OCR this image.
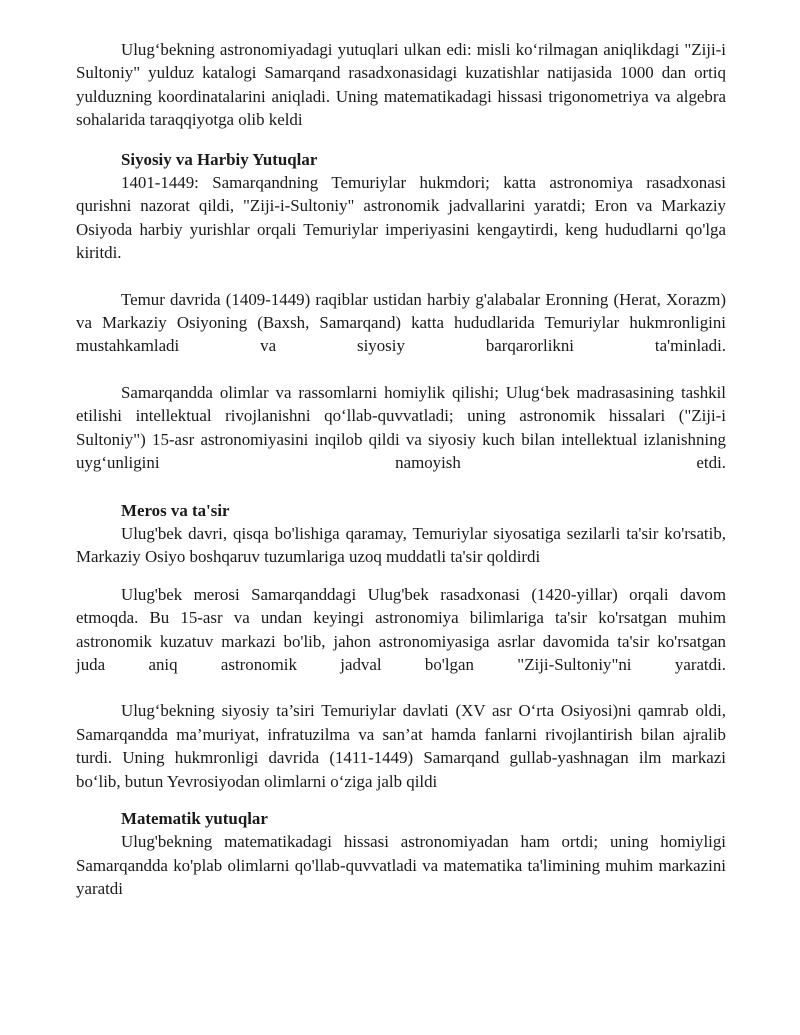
Ulug‘bekning astronomiyadagi yutuqlari ulkan edi: misli ko‘rilmagan aniqlikdagi "Ziji-i Sultoniy" yulduz katalogi Samarqand rasadxonasidagi kuzatishlar natijasida 1000 dan ortiq yulduzning koordinatalarini aniqladi. Uning matematikadagi hissasi trigonometriya va algebra sohalarida taraqqiyotga olib keldi

Siyosiy va Harbiy Yutuqlar

1401-1449: Samarqandning Temuriylar hukmdori; katta astronomiya rasadxonasi qurishni nazorat qildi, "Ziji-i-Sultoniy" astronomik jadvallarini yaratdi; Eron va Markaziy Osiyoda harbiy yurishlar orqali Temuriylar imperiyasini kengaytirdi, keng hududlarni qo'lga kiritdi.

Temur davrida (1409-1449) raqiblar ustidan harbiy g'alabalar Eronning (Herat, Xorazm) va Markaziy Osiyoning (Baxsh, Samarqand) katta hududlarida Temuriylar hukmronligini mustahkamladi va siyosiy barqarorlikni ta'minladi.

Samarqandda olimlar va rassomlarni homiylik qilishi; Ulug‘bek madrasasining tashkil etilishi intellektual rivojlanishni qo‘llab-quvvatladi; uning astronomik hissalari ("Ziji-i Sultoniy") 15-asr astronomiyasini inqilob qildi va siyosiy kuch bilan intellektual izlanishning uyg‘unligini namoyish etdi.

Meros va ta'sir

Ulug'bek davri, qisqa bo'lishiga qaramay, Temuriylar siyosatiga sezilarli ta'sir ko'rsatib, Markaziy Osiyo boshqaruv tuzumlariga uzoq muddatli ta'sir qoldirdi

Ulug'bek merosi Samarqanddagi Ulug'bek rasadxonasi (1420-yillar) orqali davom etmoqda. Bu 15-asr va undan keyingi astronomiya bilimlariga ta'sir ko'rsatgan muhim astronomik kuzatuv markazi bo'lib, jahon astronomiyasiga asrlar davomida ta'sir ko'rsatgan juda aniq astronomik jadval bo'lgan "Ziji-Sultoniy"ni yaratdi.

Ulug‘bekning siyosiy ta’siri Temuriylar davlati (XV asr O‘rta Osiyosi)ni qamrab oldi, Samarqandda ma’muriyat, infratuzilma va san’at hamda fanlarni rivojlantirish bilan ajralib turdi. Uning hukmronligi davrida (1411-1449) Samarqand gullab-yashnagan ilm markazi bo‘lib, butun Yevrosiyodan olimlarni o‘ziga jalb qildi

Matematik yutuqlar

Ulug'bekning matematikadagi hissasi astronomiyadan ham ortdi; uning homiyligi Samarqandda ko'plab olimlarni qo'llab-quvvatladi va matematika ta'limining muhim markazini yaratdi
